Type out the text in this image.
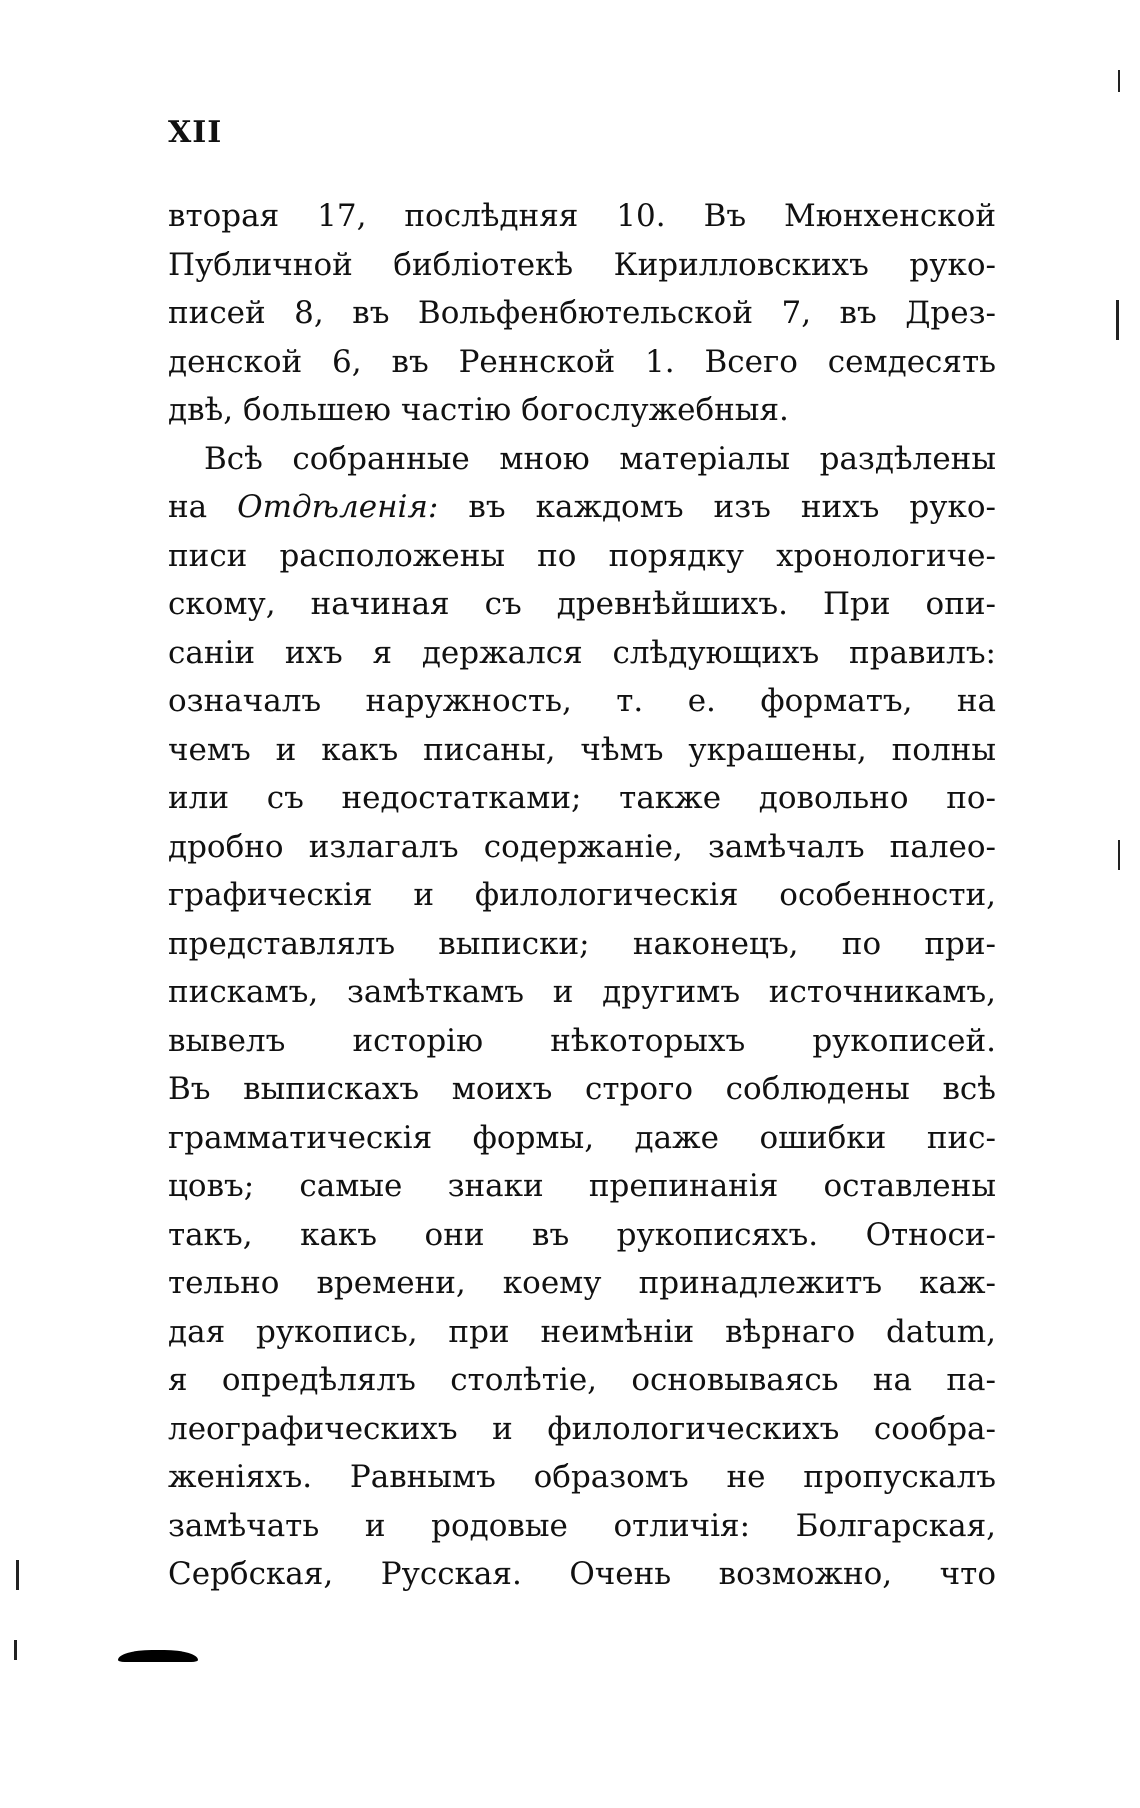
XII
вторая 17, послѣдняя 10. Въ Мюнхенской
Публичной библіотекѣ Кирилловскихъ руко-
писей 8, въ Вольфенбютельской 7, въ Дрез-
денской 6, въ Реннской 1. Всего семдесять
двѣ, большею частію богослужебныя.
Всѣ собранные мною матеріалы раздѣлены
на Отдѣленія: въ каждомъ изъ нихъ руко-
писи расположены по порядку хронологиче-
скому, начиная съ древнѣйшихъ. При опи-
саніи ихъ я держался слѣдующихъ правилъ:
означалъ наружность, т. е. форматъ, на
чемъ и какъ писаны, чѣмъ украшены, полны
или съ недостатками; также довольно по-
дробно излагалъ содержаніе, замѣчалъ палео-
графическія и филологическія особенности,
представлялъ выписки; наконецъ, по при-
пискамъ, замѣткамъ и другимъ источникамъ,
вывелъ исторію нѣкоторыхъ рукописей.
Въ выпискахъ моихъ строго соблюдены всѣ
грамматическія формы, даже ошибки пис-
цовъ; самые знаки препинанія оставлены
такъ, какъ они въ рукописяхъ. Относи-
тельно времени, коему принадлежитъ каж-
дая рукопись, при неимѣніи вѣрнаго datum,
я опредѣлялъ столѣтіе, основываясь на па-
леографическихъ и филологическихъ сообра-
женіяхъ. Равнымъ образомъ не пропускалъ
замѣчать и родовые отличія: Болгарская,
Сербская, Русская. Очень возможно, что
